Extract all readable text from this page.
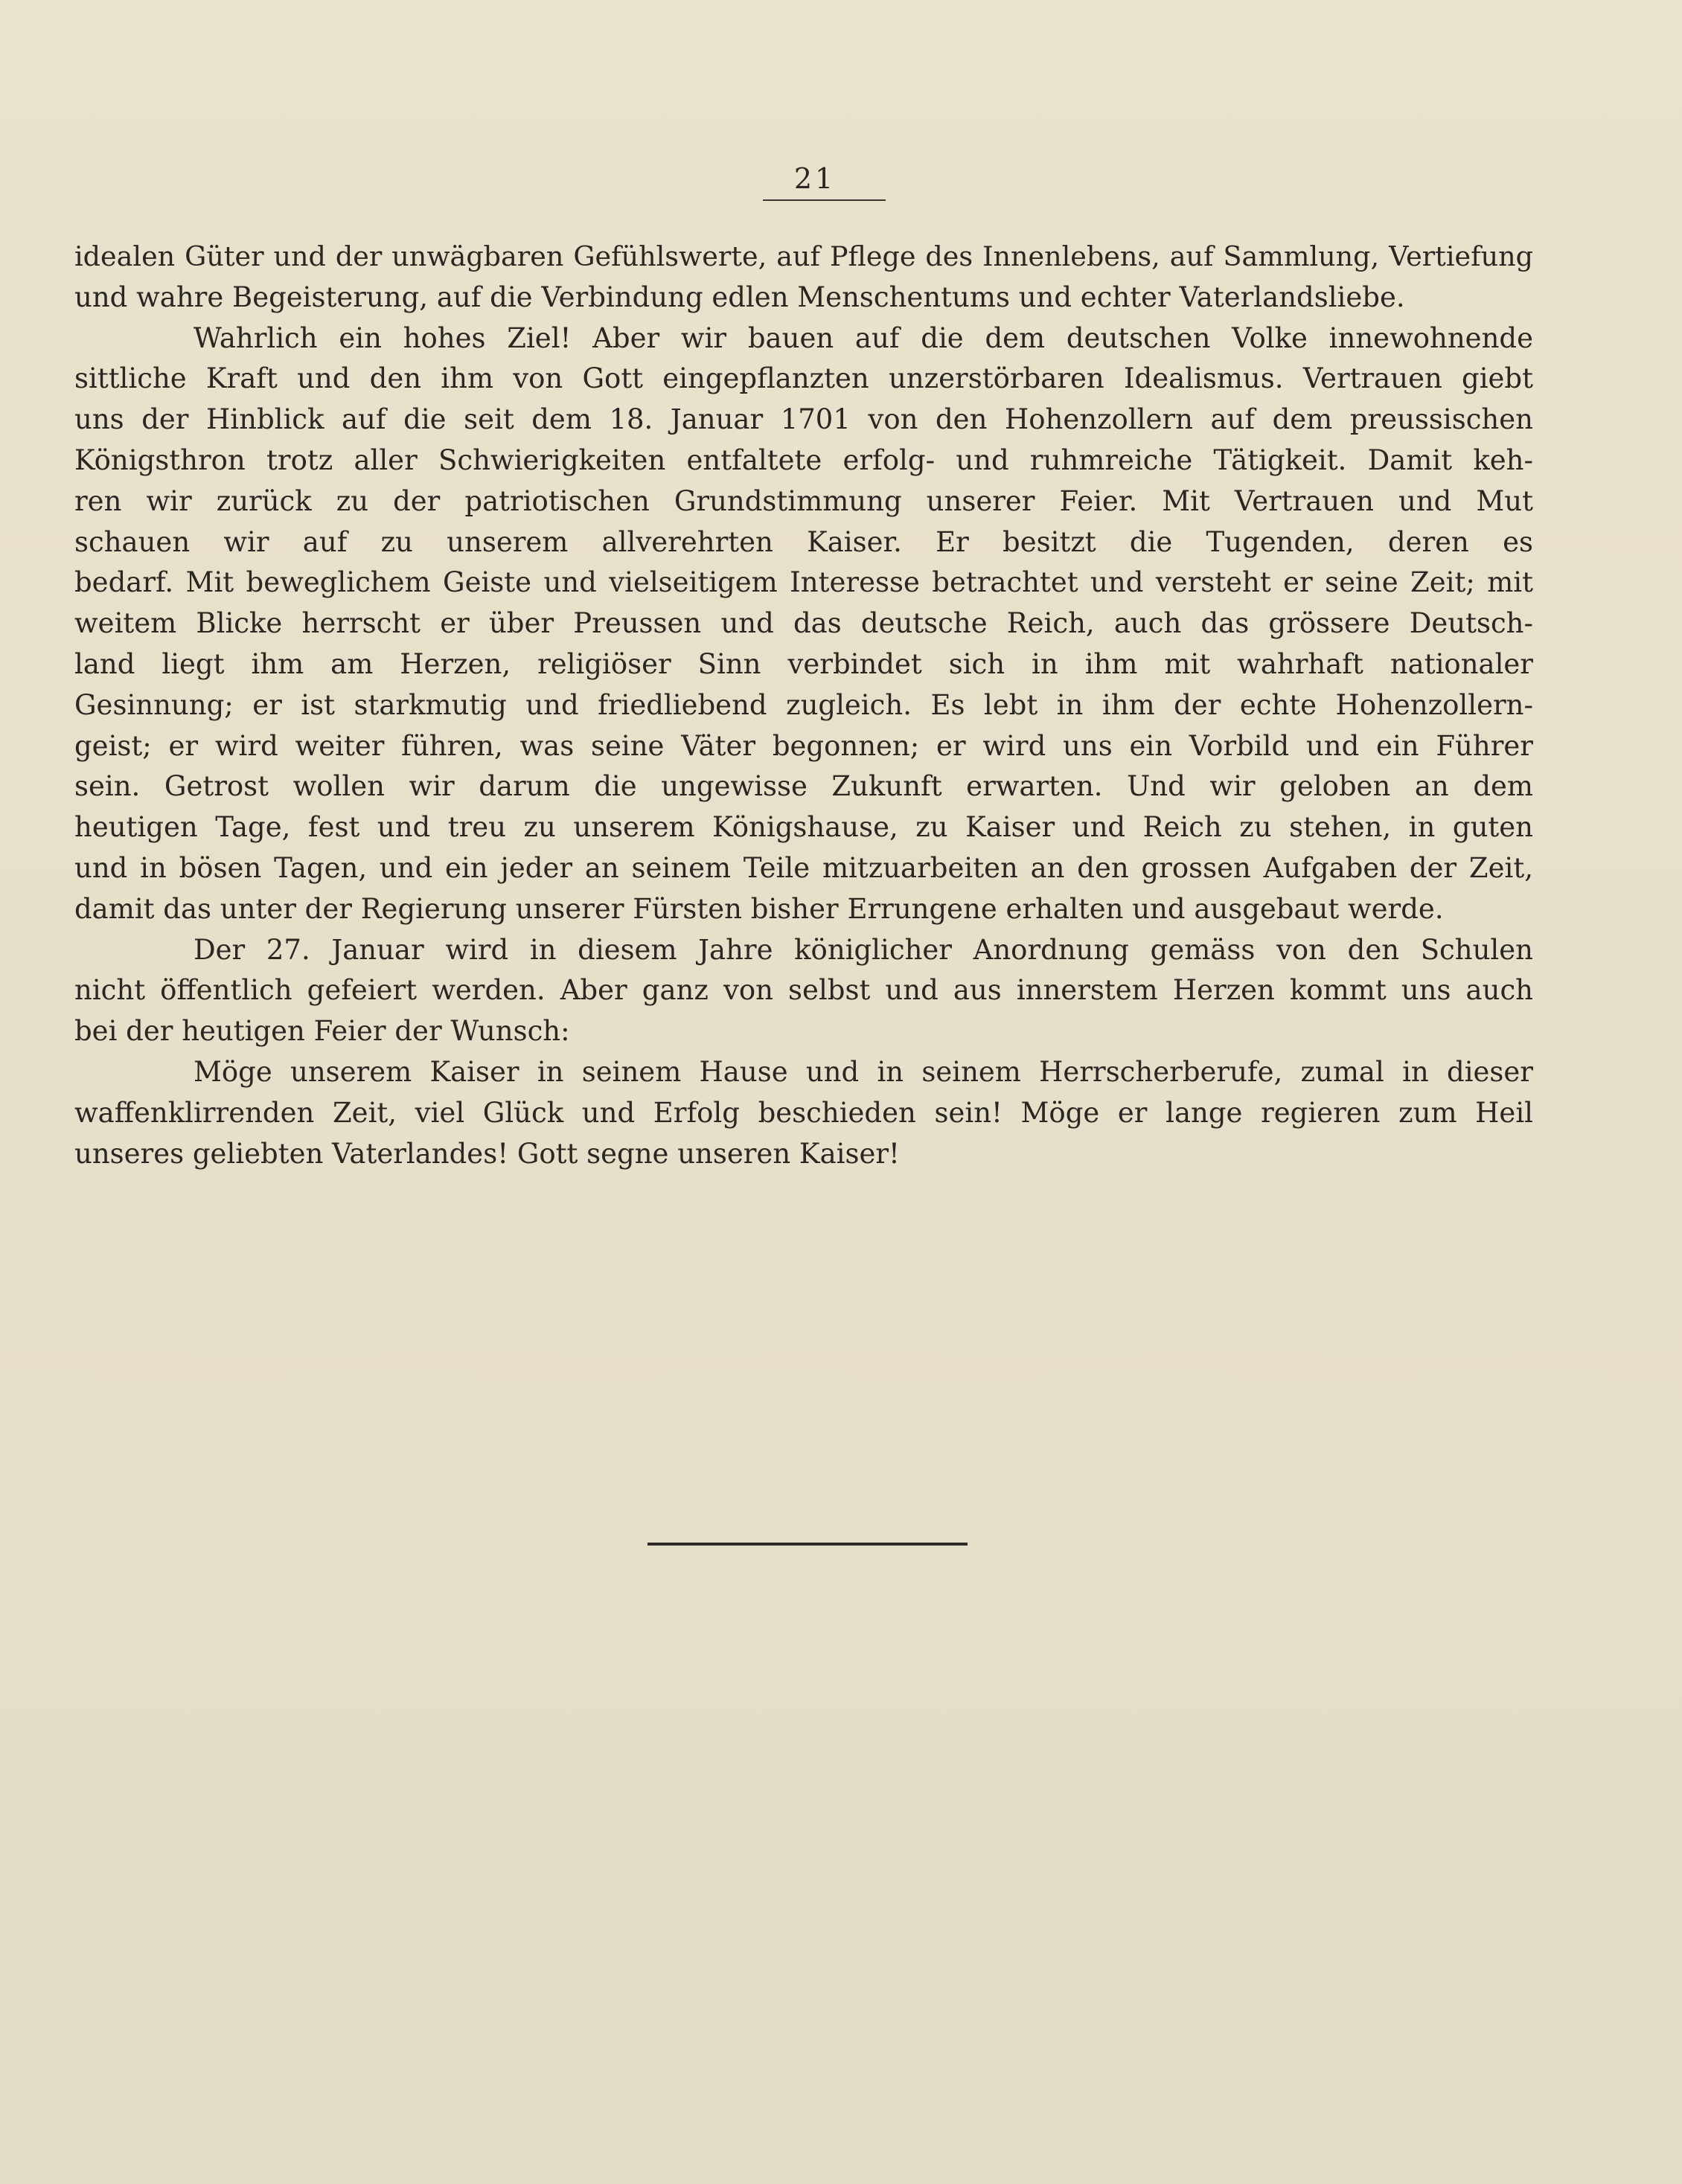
21
idealen Güter und der unwägbaren Gefühlswerte, auf Pflege des Innenlebens, auf Sammlung, Vertiefung
und wahre Begeisterung, auf die Verbindung edlen Menschentums und echter Vaterlandsliebe.
Wahrlich ein hohes Ziel! Aber wir bauen auf die dem deutschen Volke innewohnende
sittliche Kraft und den ihm von Gott eingepflanzten unzerstörbaren Idealismus. Vertrauen giebt
uns der Hinblick auf die seit dem 18. Januar 1701 von den Hohenzollern auf dem preussischen
Königsthron trotz aller Schwierigkeiten entfaltete erfolg- und ruhmreiche Tätigkeit. Damit keh-
ren wir zurück zu der patriotischen Grundstimmung unserer Feier. Mit Vertrauen und Mut
schauen wir auf zu unserem allverehrten Kaiser. Er besitzt die Tugenden, deren es
bedarf. Mit beweglichem Geiste und vielseitigem Interesse betrachtet und versteht er seine Zeit; mit
weitem Blicke herrscht er über Preussen und das deutsche Reich, auch das grössere Deutsch-
land liegt ihm am Herzen, religiöser Sinn verbindet sich in ihm mit wahrhaft nationaler
Gesinnung; er ist starkmutig und friedliebend zugleich. Es lebt in ihm der echte Hohenzollern-
geist; er wird weiter führen, was seine Väter begonnen; er wird uns ein Vorbild und ein Führer
sein. Getrost wollen wir darum die ungewisse Zukunft erwarten. Und wir geloben an dem
heutigen Tage, fest und treu zu unserem Königshause, zu Kaiser und Reich zu stehen, in guten
und in bösen Tagen, und ein jeder an seinem Teile mitzuarbeiten an den grossen Aufgaben der Zeit,
damit das unter der Regierung unserer Fürsten bisher Errungene erhalten und ausgebaut werde.
Der 27. Januar wird in diesem Jahre königlicher Anordnung gemäss von den Schulen
nicht öffentlich gefeiert werden. Aber ganz von selbst und aus innerstem Herzen kommt uns auch
bei der heutigen Feier der Wunsch:
Möge unserem Kaiser in seinem Hause und in seinem Herrscherberufe, zumal in dieser
waffenklirrenden Zeit, viel Glück und Erfolg beschieden sein! Möge er lange regieren zum Heil
unseres geliebten Vaterlandes! Gott segne unseren Kaiser!
